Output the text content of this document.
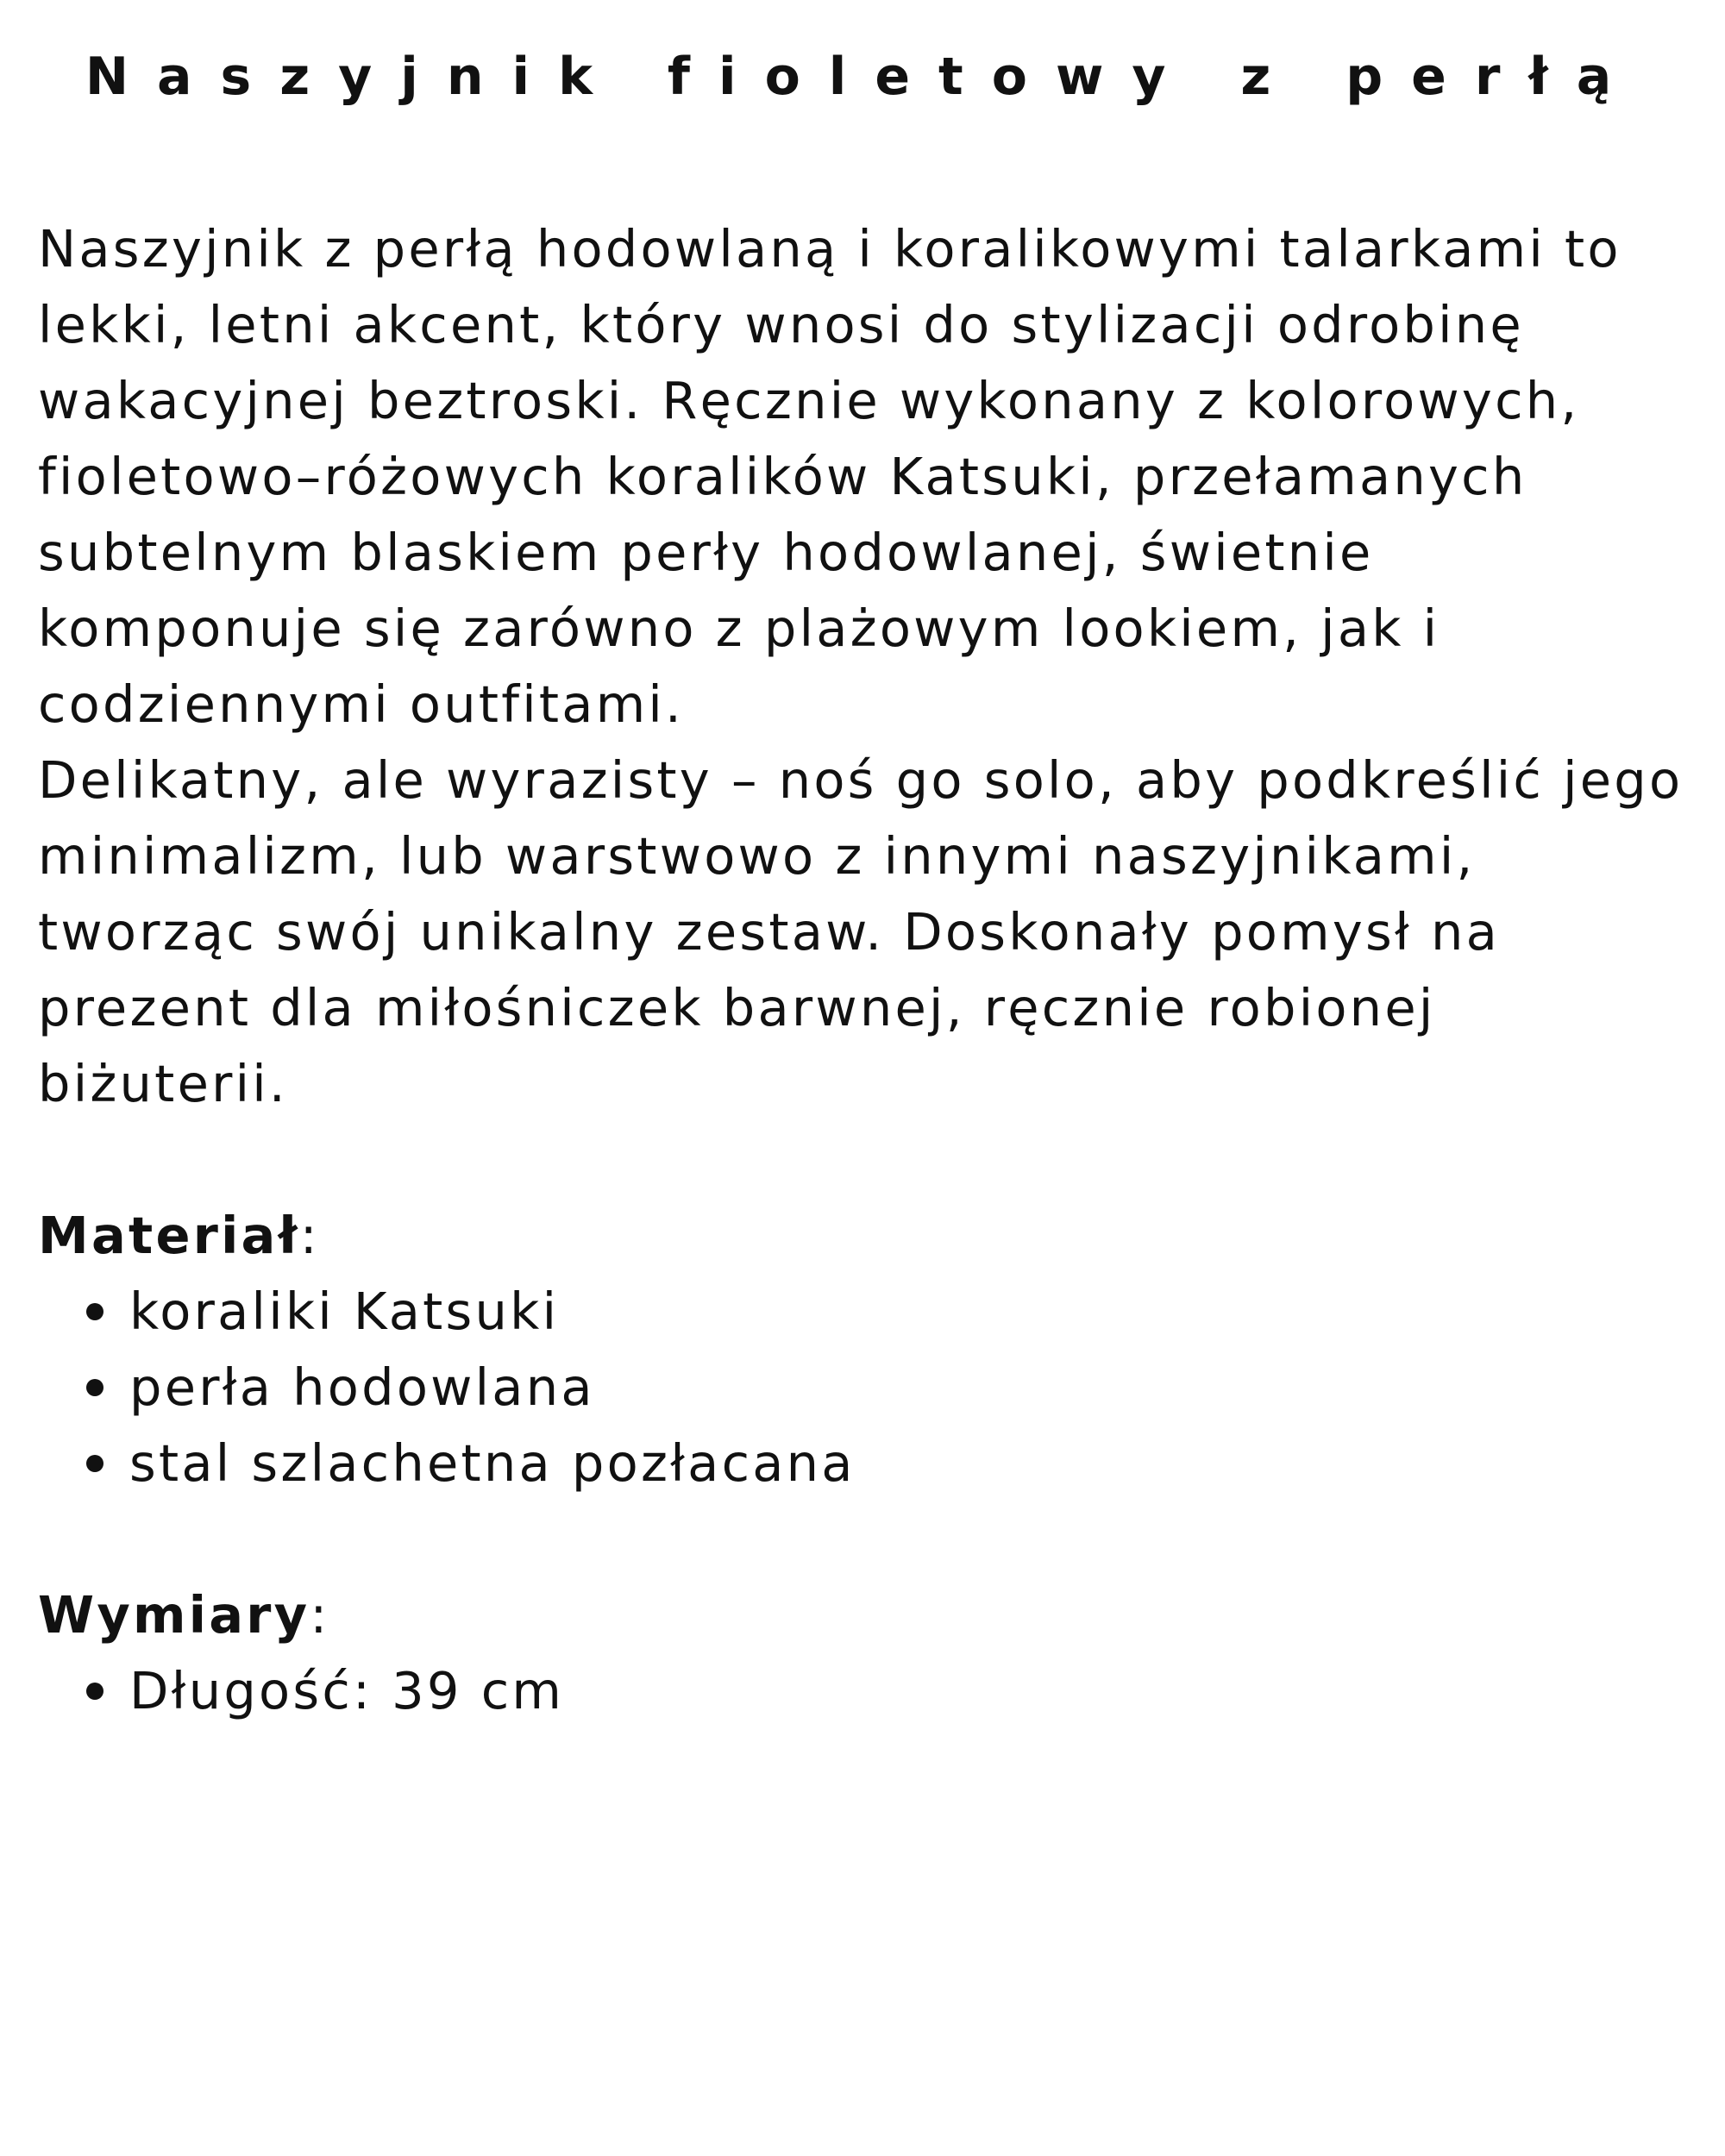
Naszyjnik fioletowy z perłą
Naszyjnik z perłą hodowlaną i koralikowymi talarkami to
lekki, letni akcent, który wnosi do stylizacji odrobinę
wakacyjnej beztroski. Ręcznie wykonany z kolorowych,
fioletowo–różowych koralików Katsuki, przełamanych
subtelnym blaskiem perły hodowlanej, świetnie
komponuje się zarówno z plażowym lookiem, jak i
codziennymi outfitami.
Delikatny, ale wyrazisty – noś go solo, aby podkreślić jego
minimalizm, lub warstwowo z innymi naszyjnikami,
tworząc swój unikalny zestaw. Doskonały pomysł na
prezent dla miłośniczek barwnej, ręcznie robionej
biżuterii.
Materiał:
koraliki Katsuki
perła hodowlana
stal szlachetna pozłacana
Wymiary:
Długość: 39 cm
